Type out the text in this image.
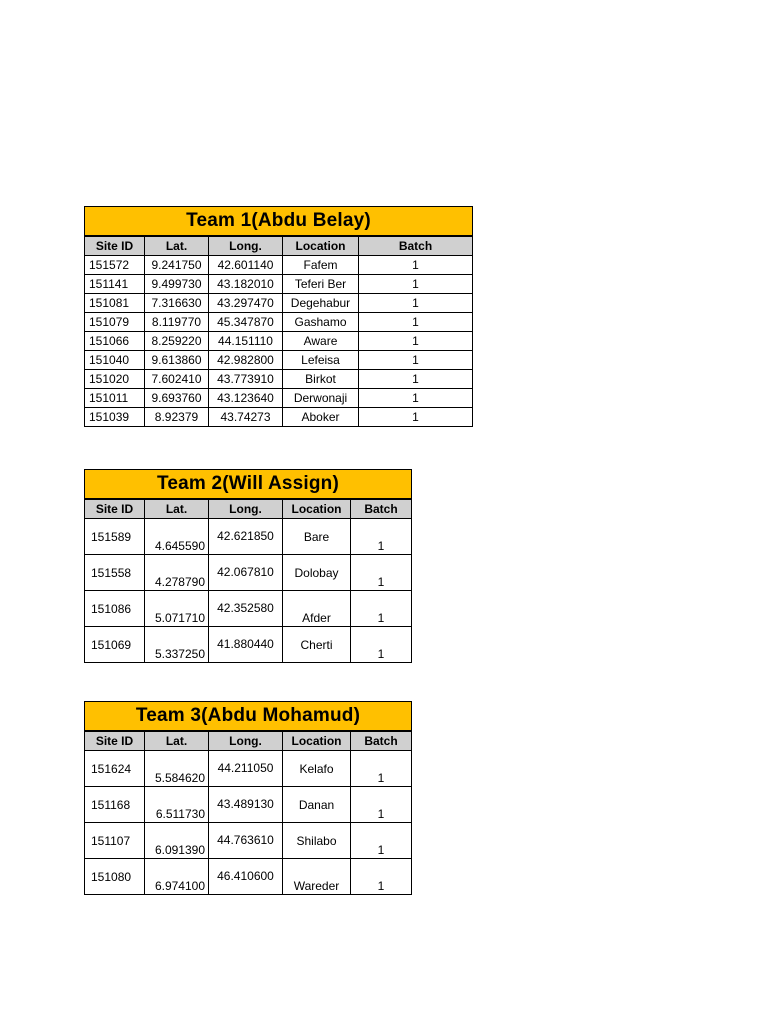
Team 1(Abdu Belay)
Site ID	Lat.	Long.	Location	Batch
151572	9.241750	42.601140	Fafem	1
151141	9.499730	43.182010	Teferi Ber	1
151081	7.316630	43.297470	Degehabur	1
151079	8.119770	45.347870	Gashamo	1
151066	8.259220	44.151110	Aware	1
151040	9.613860	42.982800	Lefeisa	1
151020	7.602410	43.773910	Birkot	1
151011	9.693760	43.123640	Derwonaji	1
151039	8.92379	43.74273	Aboker	1
Team 2(Will Assign)
Site ID	Lat.	Long.	Location	Batch
151589	4.645590	42.621850	Bare	1
151558	4.278790	42.067810	Dolobay	1
151086	5.071710	42.352580	Afder	1
151069	5.337250	41.880440	Cherti	1
Team 3(Abdu Mohamud)
Site ID	Lat.	Long.	Location	Batch
151624	5.584620	44.211050	Kelafo	1
151168	6.511730	43.489130	Danan	1
151107	6.091390	44.763610	Shilabo	1
151080	6.974100	46.410600	Wareder	1
